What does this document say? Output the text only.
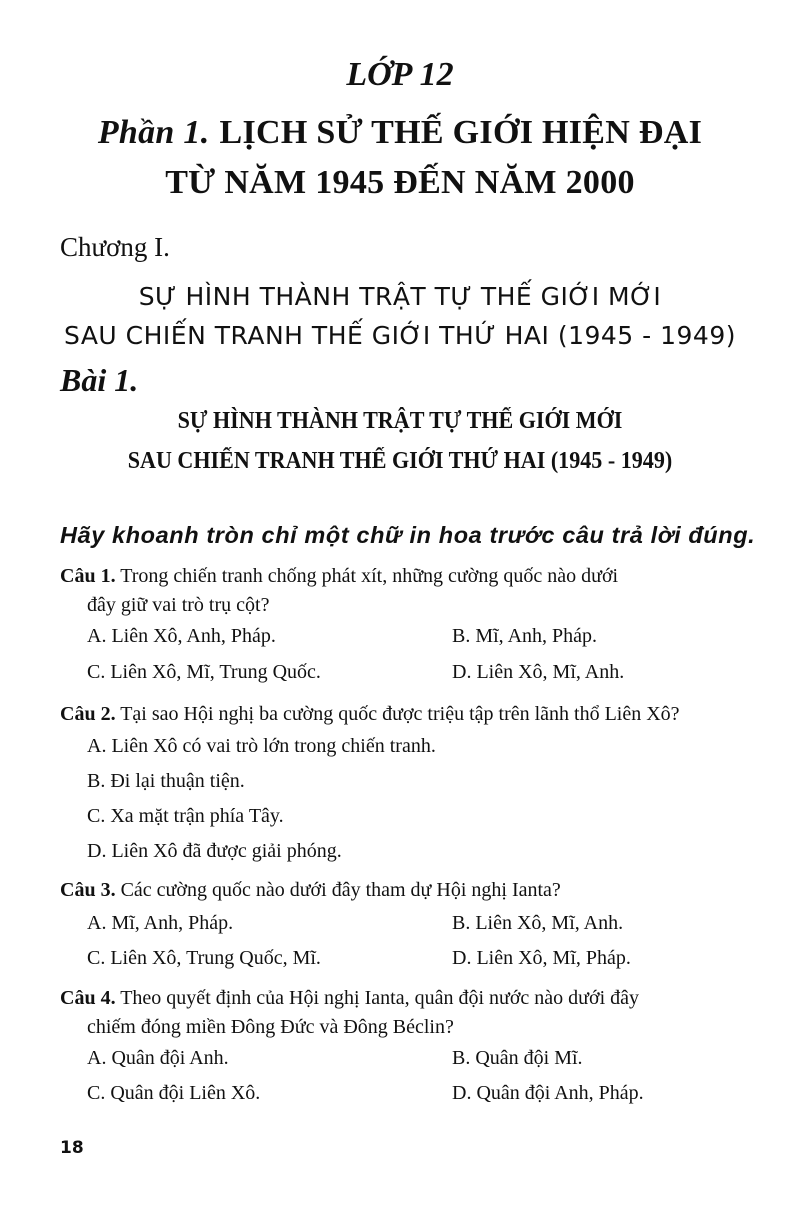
LỚP 12
Phần 1. LỊCH SỬ THẾ GIỚI HIỆN ĐẠI
TỪ NĂM 1945 ĐẾN NĂM 2000
Chương I.
SỰ HÌNH THÀNH TRẬT TỰ THẾ GIỚI MỚI
SAU CHIẾN TRANH THẾ GIỚI THỨ HAI (1945 - 1949)
Bài 1.
SỰ HÌNH THÀNH TRẬT TỰ THẾ GIỚI MỚI
SAU CHIẾN TRANH THẾ GIỚI THỨ HAI (1945 - 1949)
Hãy khoanh tròn chỉ một chữ in hoa trước câu trả lời đúng.
Câu 1. Trong chiến tranh chống phát xít, những cường quốc nào dưới
đây giữ vai trò trụ cột?
A. Liên Xô, Anh, Pháp.	B. Mĩ, Anh, Pháp.
C. Liên Xô, Mĩ, Trung Quốc.	D. Liên Xô, Mĩ, Anh.
Câu 2. Tại sao Hội nghị ba cường quốc được triệu tập trên lãnh thổ Liên Xô?
A. Liên Xô có vai trò lớn trong chiến tranh.
B. Đi lại thuận tiện.
C. Xa mặt trận phía Tây.
D. Liên Xô đã được giải phóng.
Câu 3. Các cường quốc nào dưới đây tham dự Hội nghị Ianta?
A. Mĩ, Anh, Pháp.	B. Liên Xô, Mĩ, Anh.
C. Liên Xô, Trung Quốc, Mĩ.	D. Liên Xô, Mĩ, Pháp.
Câu 4. Theo quyết định của Hội nghị Ianta, quân đội nước nào dưới đây
chiếm đóng miền Đông Đức và Đông Béclin?
A. Quân đội Anh.	B. Quân đội Mĩ.
C. Quân đội Liên Xô.	D. Quân đội Anh, Pháp.
18
